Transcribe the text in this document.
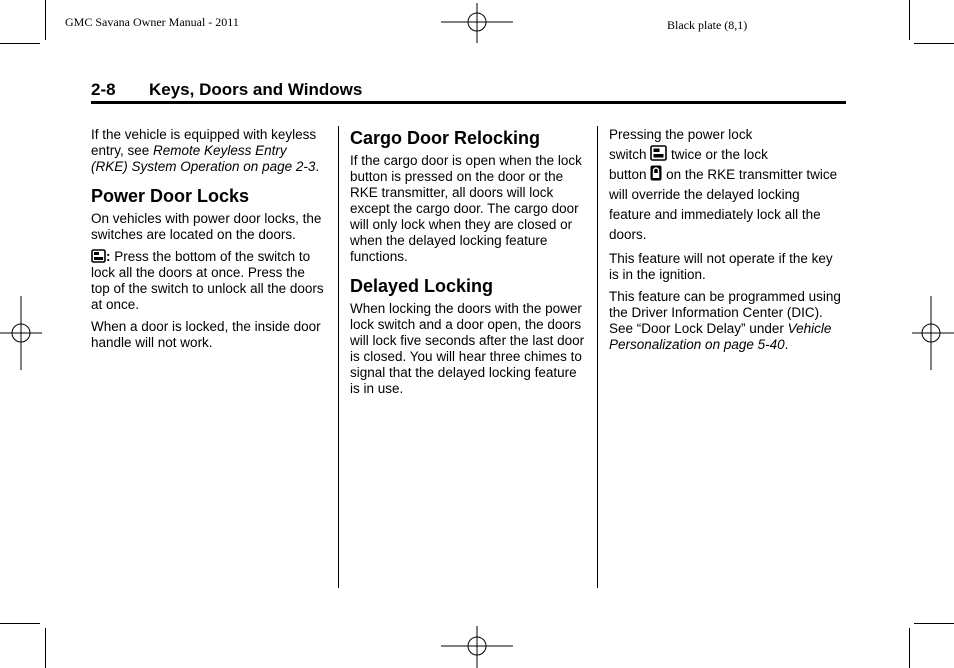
GMC Savana Owner Manual - 2011	Black plate (8,1)
2-8 Keys, Doors and Windows

If the vehicle is equipped with keyless entry, see Remote Keyless Entry (RKE) System Operation on page 2-3.

Power Door Locks

On vehicles with power door locks, the switches are located on the doors.

: Press the bottom of the switch to lock all the doors at once. Press the top of the switch to unlock all the doors at once.

When a door is locked, the inside door handle will not work.

Cargo Door Relocking

If the cargo door is open when the lock button is pressed on the door or the RKE transmitter, all doors will lock except the cargo door. The cargo door will only lock when they are closed or when the delayed locking feature functions.

Delayed Locking

When locking the doors with the power lock switch and a door open, the doors will lock five seconds after the last door is closed. You will hear three chimes to signal that the delayed locking feature is in use.

Pressing the power lock
switch  twice or the lock
button  on the RKE transmitter twice will override the delayed locking feature and immediately lock all the doors.

This feature will not operate if the key is in the ignition.

This feature can be programmed using the Driver Information Center (DIC). See “Door Lock Delay” under Vehicle Personalization on page 5-40.
